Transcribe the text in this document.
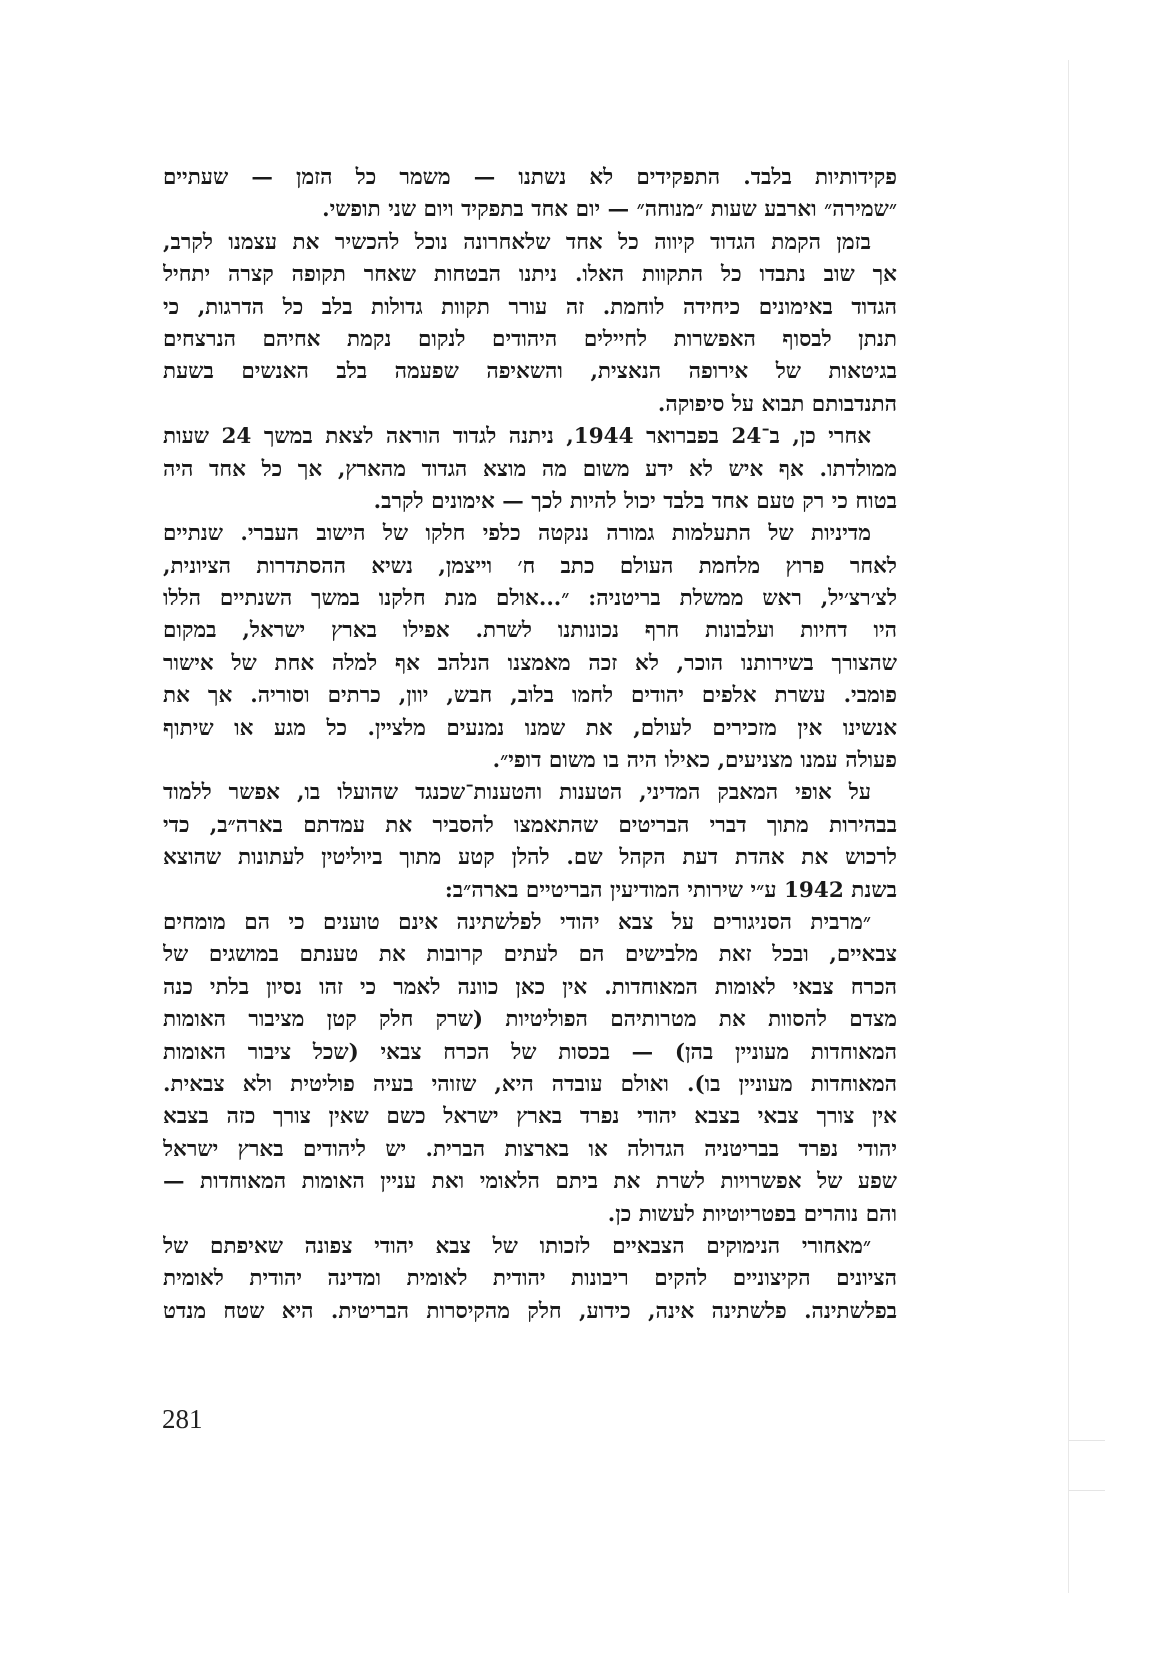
פקידותיות בלבד. התפקידים לא נשתנו — משמר כל הזמן — שעתיים
״שמירה״ וארבע שעות ״מנוחה״ — יום אחד בתפקיד ויום שני תופשי.
בזמן הקמת הגדוד קיווה כל אחד שלאחרונה נוכל להכשיר את עצמנו לקרב,
אך שוב נתבדו כל התקוות האלו. ניתנו הבטחות שאחר תקופה קצרה יתחיל
הגדוד באימונים כיחידה לוחמת. זה עורר תקוות גדולות בלב כל הדרגות, כי
תנתן לבסוף האפשרות לחיילים היהודים לנקום נקמת אחיהם הנרצחים
בגיטאות של אירופה הנאצית, והשאיפה שפעמה בלב האנשים בשעת
התנדבותם תבוא על סיפוקה.
אחרי כן, ב־24 בפברואר 1944, ניתנה לגדוד הוראה לצאת במשך 24 שעות
ממולדתו. אף איש לא ידע משום מה מוצא הגדוד מהארץ, אך כל אחד היה
בטוח כי רק טעם אחד בלבד יכול להיות לכך — אימונים לקרב.
מדיניות של התעלמות גמורה ננקטה כלפי חלקו של הישוב העברי. שנתיים
לאחר פרוץ מלחמת העולם כתב ח׳ וייצמן, נשיא ההסתדרות הציונית,
לצ׳רצ׳יל, ראש ממשלת בריטניה: ״...אולם מנת חלקנו במשך השנתיים הללו
היו דחיות ועלבונות חרף נכונותנו לשרת. אפילו בארץ ישראל, במקום
שהצורך בשירותנו הוכר, לא זכה מאמצנו הנלהב אף למלה אחת של אישור
פומבי. עשרת אלפים יהודים לחמו בלוב, חבש, יוון, כרתים וסוריה. אך את
אנשינו אין מזכירים לעולם, את שמנו נמנעים מלציין. כל מגע או שיתוף
פעולה עמנו מצניעים, כאילו היה בו משום דופי״.
על אופי המאבק המדיני, הטענות והטענות־שכנגד שהועלו בו, אפשר ללמוד
בבהירות מתוך דברי הבריטים שהתאמצו להסביר את עמדתם בארה״ב, כדי
לרכוש את אהדת דעת הקהל שם. להלן קטע מתוך ביוליטין לעתונות שהוצא
בשנת 1942 ע״י שירותי המודיעין הבריטיים בארה״ב:
״מרבית הסניגורים על צבא יהודי לפלשתינה אינם טוענים כי הם מומחים
צבאיים, ובכל זאת מלבישים הם לעתים קרובות את טענתם במושגים של
הכרח צבאי לאומות המאוחדות. אין כאן כוונה לאמר כי זהו נסיון בלתי כנה
מצדם להסוות את מטרותיהם הפוליטיות (שרק חלק קטן מציבור האומות
המאוחדות מעוניין בהן) — בכסות של הכרח צבאי (שכל ציבור האומות
המאוחדות מעוניין בו). ואולם עובדה היא, שזוהי בעיה פוליטית ולא צבאית.
אין צורך צבאי בצבא יהודי נפרד בארץ ישראל כשם שאין צורך כזה בצבא
יהודי נפרד בבריטניה הגדולה או בארצות הברית. יש ליהודים בארץ ישראל
שפע של אפשרויות לשרת את ביתם הלאומי ואת עניין האומות המאוחדות —
והם נוהרים בפטריוטיות לעשות כן.
״מאחורי הנימוקים הצבאיים לזכותו של צבא יהודי צפונה שאיפתם של
הציונים הקיצוניים להקים ריבונות יהודית לאומית ומדינה יהודית לאומית
בפלשתינה. פלשתינה אינה, כידוע, חלק מהקיסרות הבריטית. היא שטח מנדט
281
